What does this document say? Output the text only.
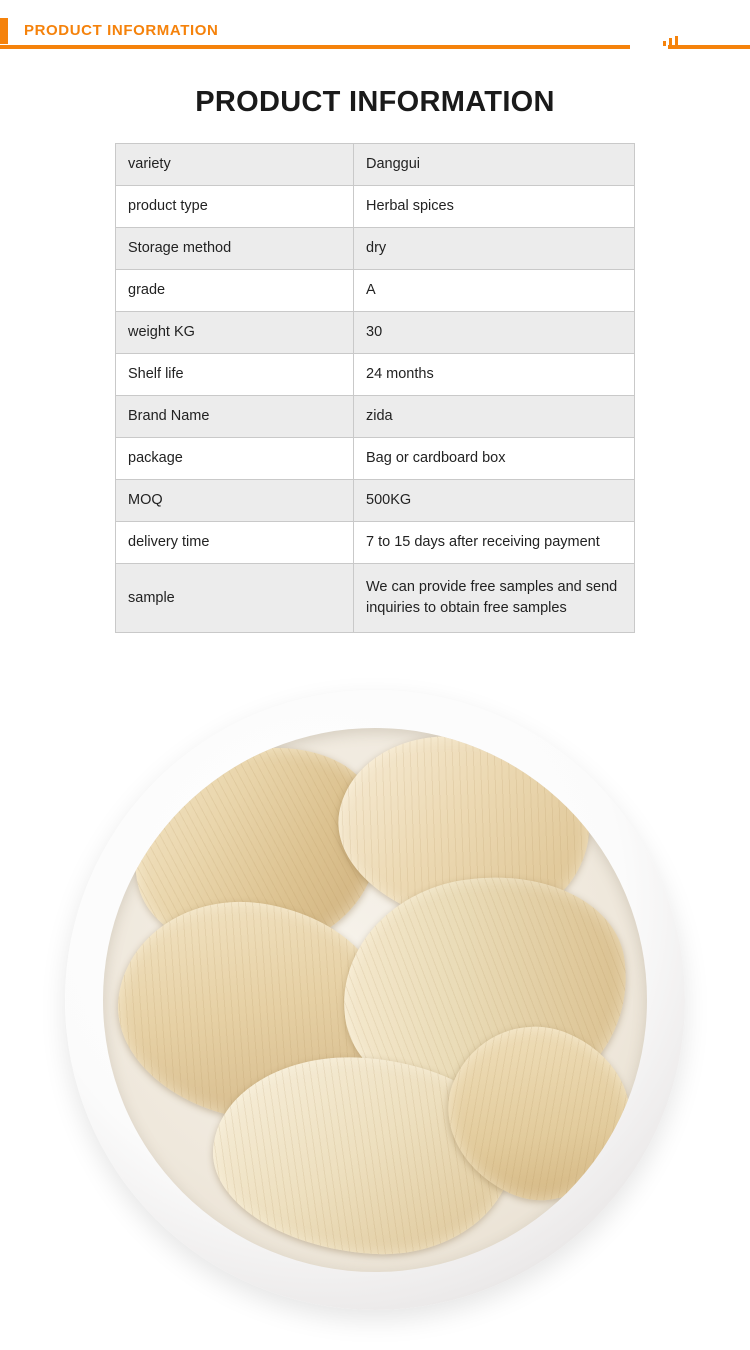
PRODUCT INFORMATION
PRODUCT INFORMATION
variety	Danggui
product type	Herbal spices
Storage method	dry
grade	A
weight KG	30
Shelf life	24 months
Brand Name	zida
package	Bag or cardboard box
MOQ	500KG
delivery time	7 to 15 days after receiving payment
sample	We can provide free samples and send inquiries to obtain free samples
